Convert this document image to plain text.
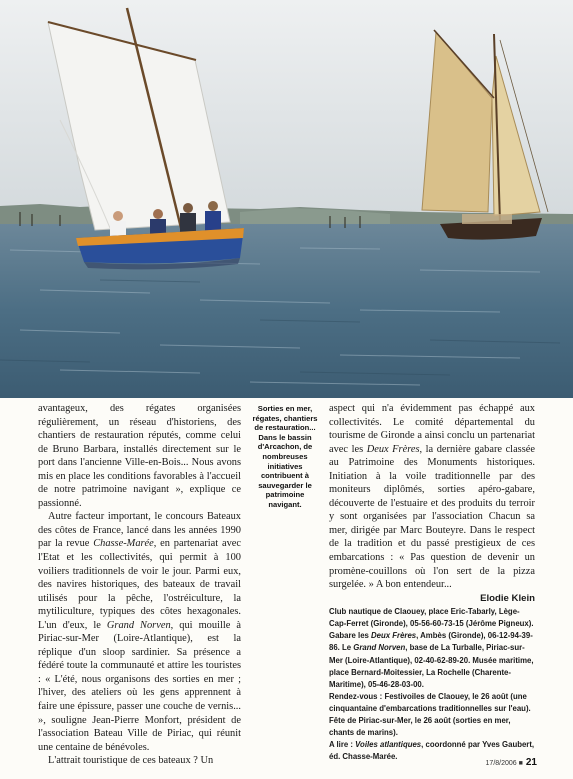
avantageux, des régates organisées régulièrement, un réseau d'historiens, des chantiers de restauration réputés, comme celui de Bruno Barbara, installés directement sur le port dans l'ancienne Ville-en-Bois... Nous avons mis en place les conditions favorables à l'accueil de notre patrimoine navigant », explique ce passionné.

Autre facteur important, le concours Bateaux des côtes de France, lancé dans les années 1990 par la revue Chasse-Marée, en partenariat avec l'Etat et les collectivités, qui permit à 100 voiliers traditionnels de voir le jour. Parmi eux, des navires historiques, des bateaux de travail utilisés pour la pêche, l'ostréiculture, la mytiliculture, typiques des côtes hexagonales. L'un d'eux, le Grand Norven, qui mouille à Piriac-sur-Mer (Loire-Atlantique), est la réplique d'un sloop sardinier. Sa présence a fédéré toute la communauté et attire les touristes : « L'été, nous organisons des sorties en mer ; l'hiver, des ateliers où les gens apprennent à faire une épissure, passer une couche de vernis... », souligne Jean-Pierre Monfort, président de l'association Bateau Ville de Piriac, qui réunit une centaine de bénévoles.

L'attrait touristique de ces bateaux ? Un

Sorties en mer, régates, chantiers de restauration... Dans le bassin d'Arcachon, de nombreuses initiatives contribuent à sauvegarder le patrimoine navigant.

aspect qui n'a évidemment pas échappé aux collectivités. Le comité départemental du tourisme de Gironde a ainsi conclu un partenariat avec les Deux Frères, la dernière gabare classée au Patrimoine des Monuments historiques. Initiation à la voile traditionnelle par des moniteurs diplômés, sorties apéro-gabare, découverte de l'estuaire et des produits du terroir y sont organisées par l'association Chacun sa mer, dirigée par Marc Bouteyre. Dans le respect de la tradition et du passé prestigieux de ces embarcations : « Pas question de devenir un promène-couillons où l'on sert de la pizza surgelée. » A bon entendeur...

Elodie Klein

Club nautique de Claouey, place Eric-Tabarly, Lège-Cap-Ferret (Gironde), 05-56-60-73-15 (Jérôme Pigneux).
Gabare les Deux Frères, Ambès (Gironde), 06-12-94-39-86. Le Grand Norven, base de La Turballe, Piriac-sur-Mer (Loire-Atlantique), 02-40-62-89-20. Musée maritime, place Bernard-Moitessier, La Rochelle (Charente-Maritime), 05-46-28-03-00.
Rendez-vous : Festivoiles de Claouey, le 26 août (une cinquantaine d'embarcations traditionnelles sur l'eau).
Fête de Piriac-sur-Mer, le 26 août (sorties en mer, chants de marins).
A lire : Voiles atlantiques, coordonné par Yves Gaubert, éd. Chasse-Marée.
17/8/2006 ■ 21
